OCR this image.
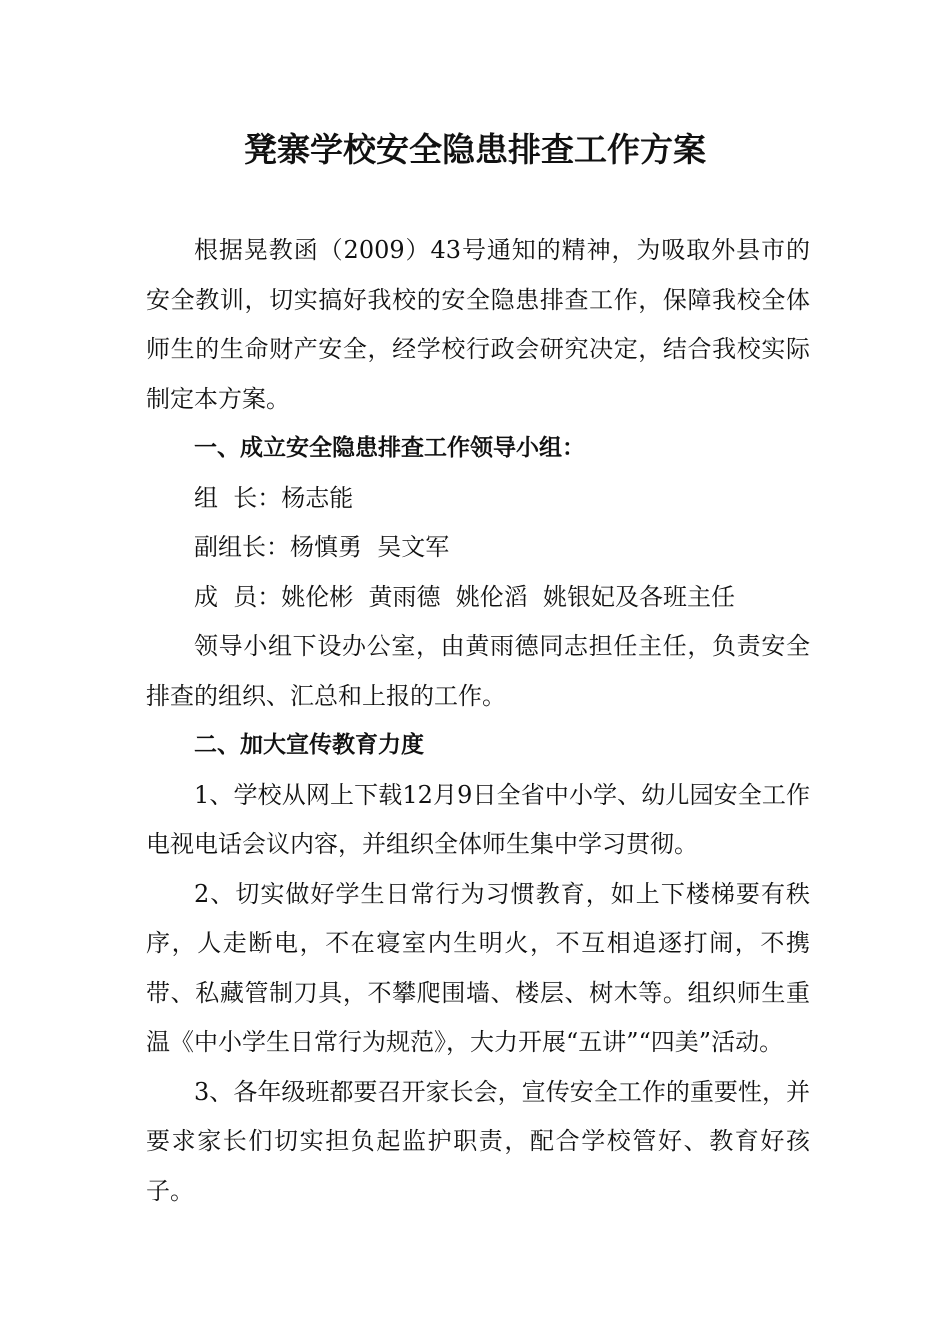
凳寨学校安全隐患排查工作方案

根据晃教函（2009）43号通知的精神，为吸取外县市的安全教训，切实搞好我校的安全隐患排查工作，保障我校全体师生的生命财产安全，经学校行政会研究决定，结合我校实际制定本方案。

一、成立安全隐患排查工作领导小组：

组  长：杨志能

副组长：杨慎勇  吴文军

成  员：姚伦彬  黄雨德  姚伦滔  姚银妃及各班主任

领导小组下设办公室，由黄雨德同志担任主任，负责安全排查的组织、汇总和上报的工作。

二、加大宣传教育力度

1、学校从网上下载12月9日全省中小学、幼儿园安全工作电视电话会议内容，并组织全体师生集中学习贯彻。

2、切实做好学生日常行为习惯教育，如上下楼梯要有秩序，人走断电，不在寝室内生明火，不互相追逐打闹，不携带、私藏管制刀具，不攀爬围墙、楼层、树木等。组织师生重温《中小学生日常行为规范》，大力开展“五讲”“四美”活动。

3、各年级班都要召开家长会，宣传安全工作的重要性，并要求家长们切实担负起监护职责，配合学校管好、教育好孩子。
